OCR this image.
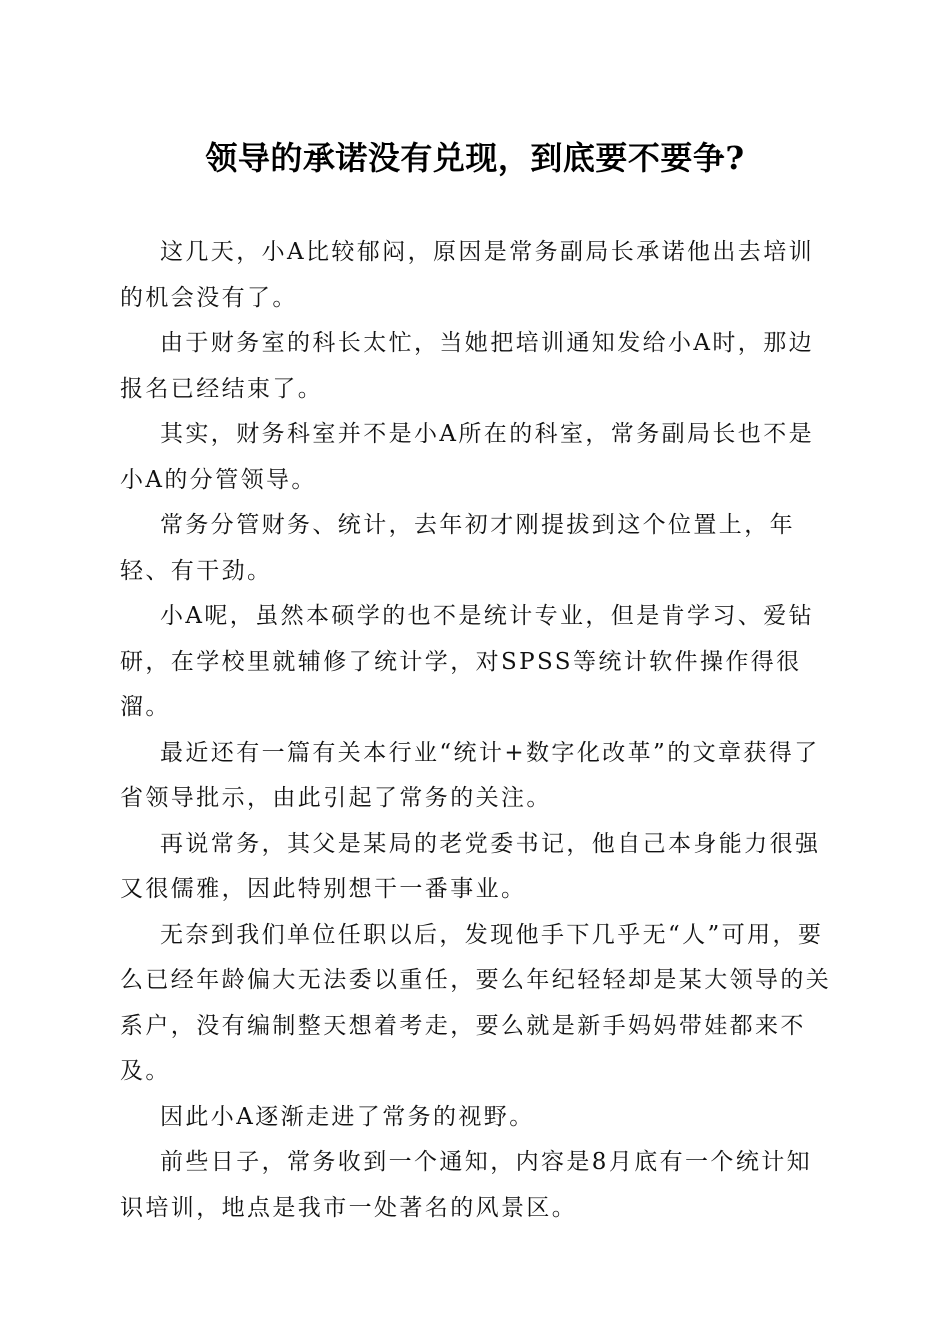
领导的承诺没有兑现，到底要不要争?

这几天，小A比较郁闷，原因是常务副局长承诺他出去培训的机会没有了。

由于财务室的科长太忙，当她把培训通知发给小A时，那边报名已经结束了。

其实，财务科室并不是小A所在的科室，常务副局长也不是小A的分管领导。

常务分管财务、统计，去年初才刚提拔到这个位置上，年轻、有干劲。

小A呢，虽然本硕学的也不是统计专业，但是肯学习、爱钻研，在学校里就辅修了统计学，对SPSS等统计软件操作得很溜。

最近还有一篇有关本行业“统计+数字化改革”的文章获得了省领导批示，由此引起了常务的关注。

再说常务，其父是某局的老党委书记，他自己本身能力很强又很儒雅，因此特别想干一番事业。

无奈到我们单位任职以后，发现他手下几乎无“人”可用，要么已经年龄偏大无法委以重任，要么年纪轻轻却是某大领导的关系户，没有编制整天想着考走，要么就是新手妈妈带娃都来不及。

因此小A逐渐走进了常务的视野。

前些日子，常务收到一个通知，内容是8月底有一个统计知识培训，地点是我市一处著名的风景区。
